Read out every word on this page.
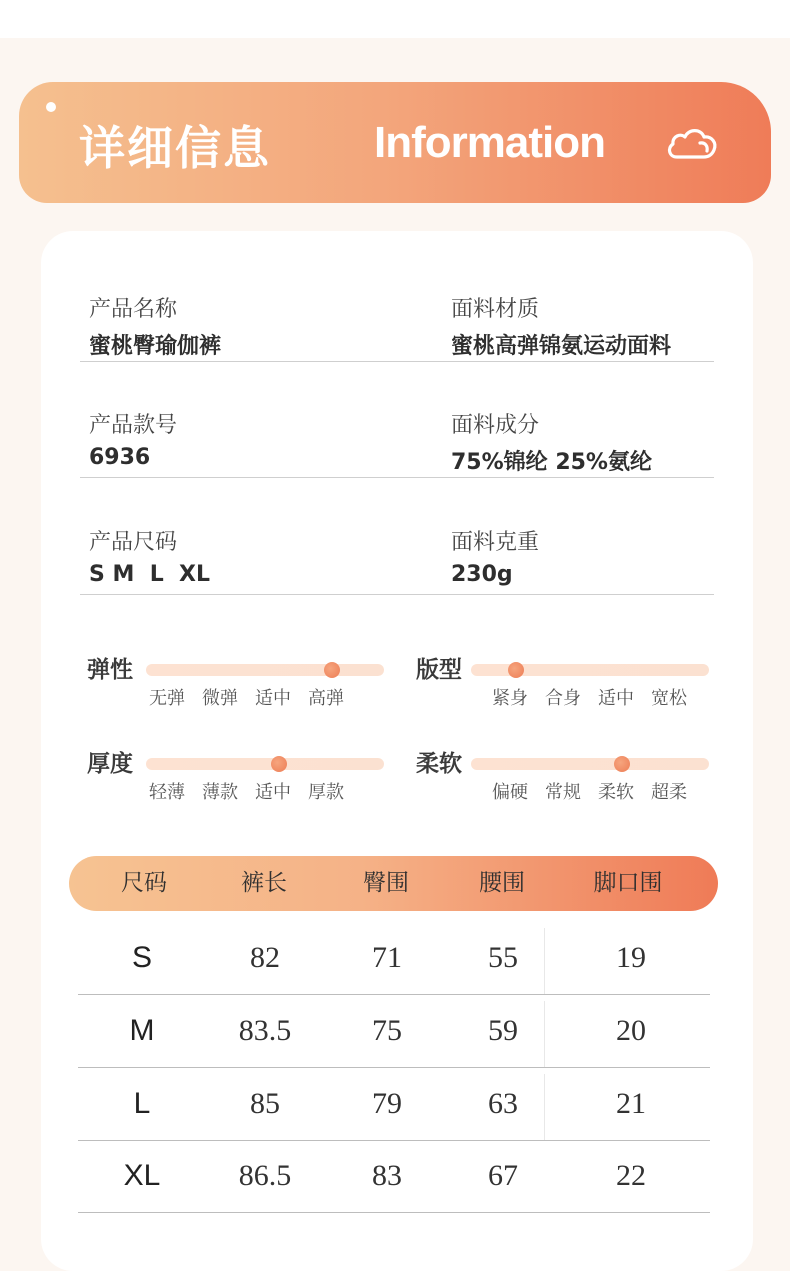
详细信息 Information
产品名称
蜜桃臀瑜伽裤
面料材质
蜜桃高弹锦氨运动面料
产品款号
6936
面料成分
75%锦纶 25%氨纶
产品尺码
S M  L  XL
面料克重
230g
弹性
无弹 微弹 适中 高弹
版型
紧身 合身 适中 宽松
厚度
轻薄 薄款 适中 厚款
柔软
偏硬 常规 柔软 超柔
尺码	裤长	臀围	腰围	脚口围
S	82	71	55	19
M	83.5	75	59	20
L	85	79	63	21
XL	86.5	83	67	22
